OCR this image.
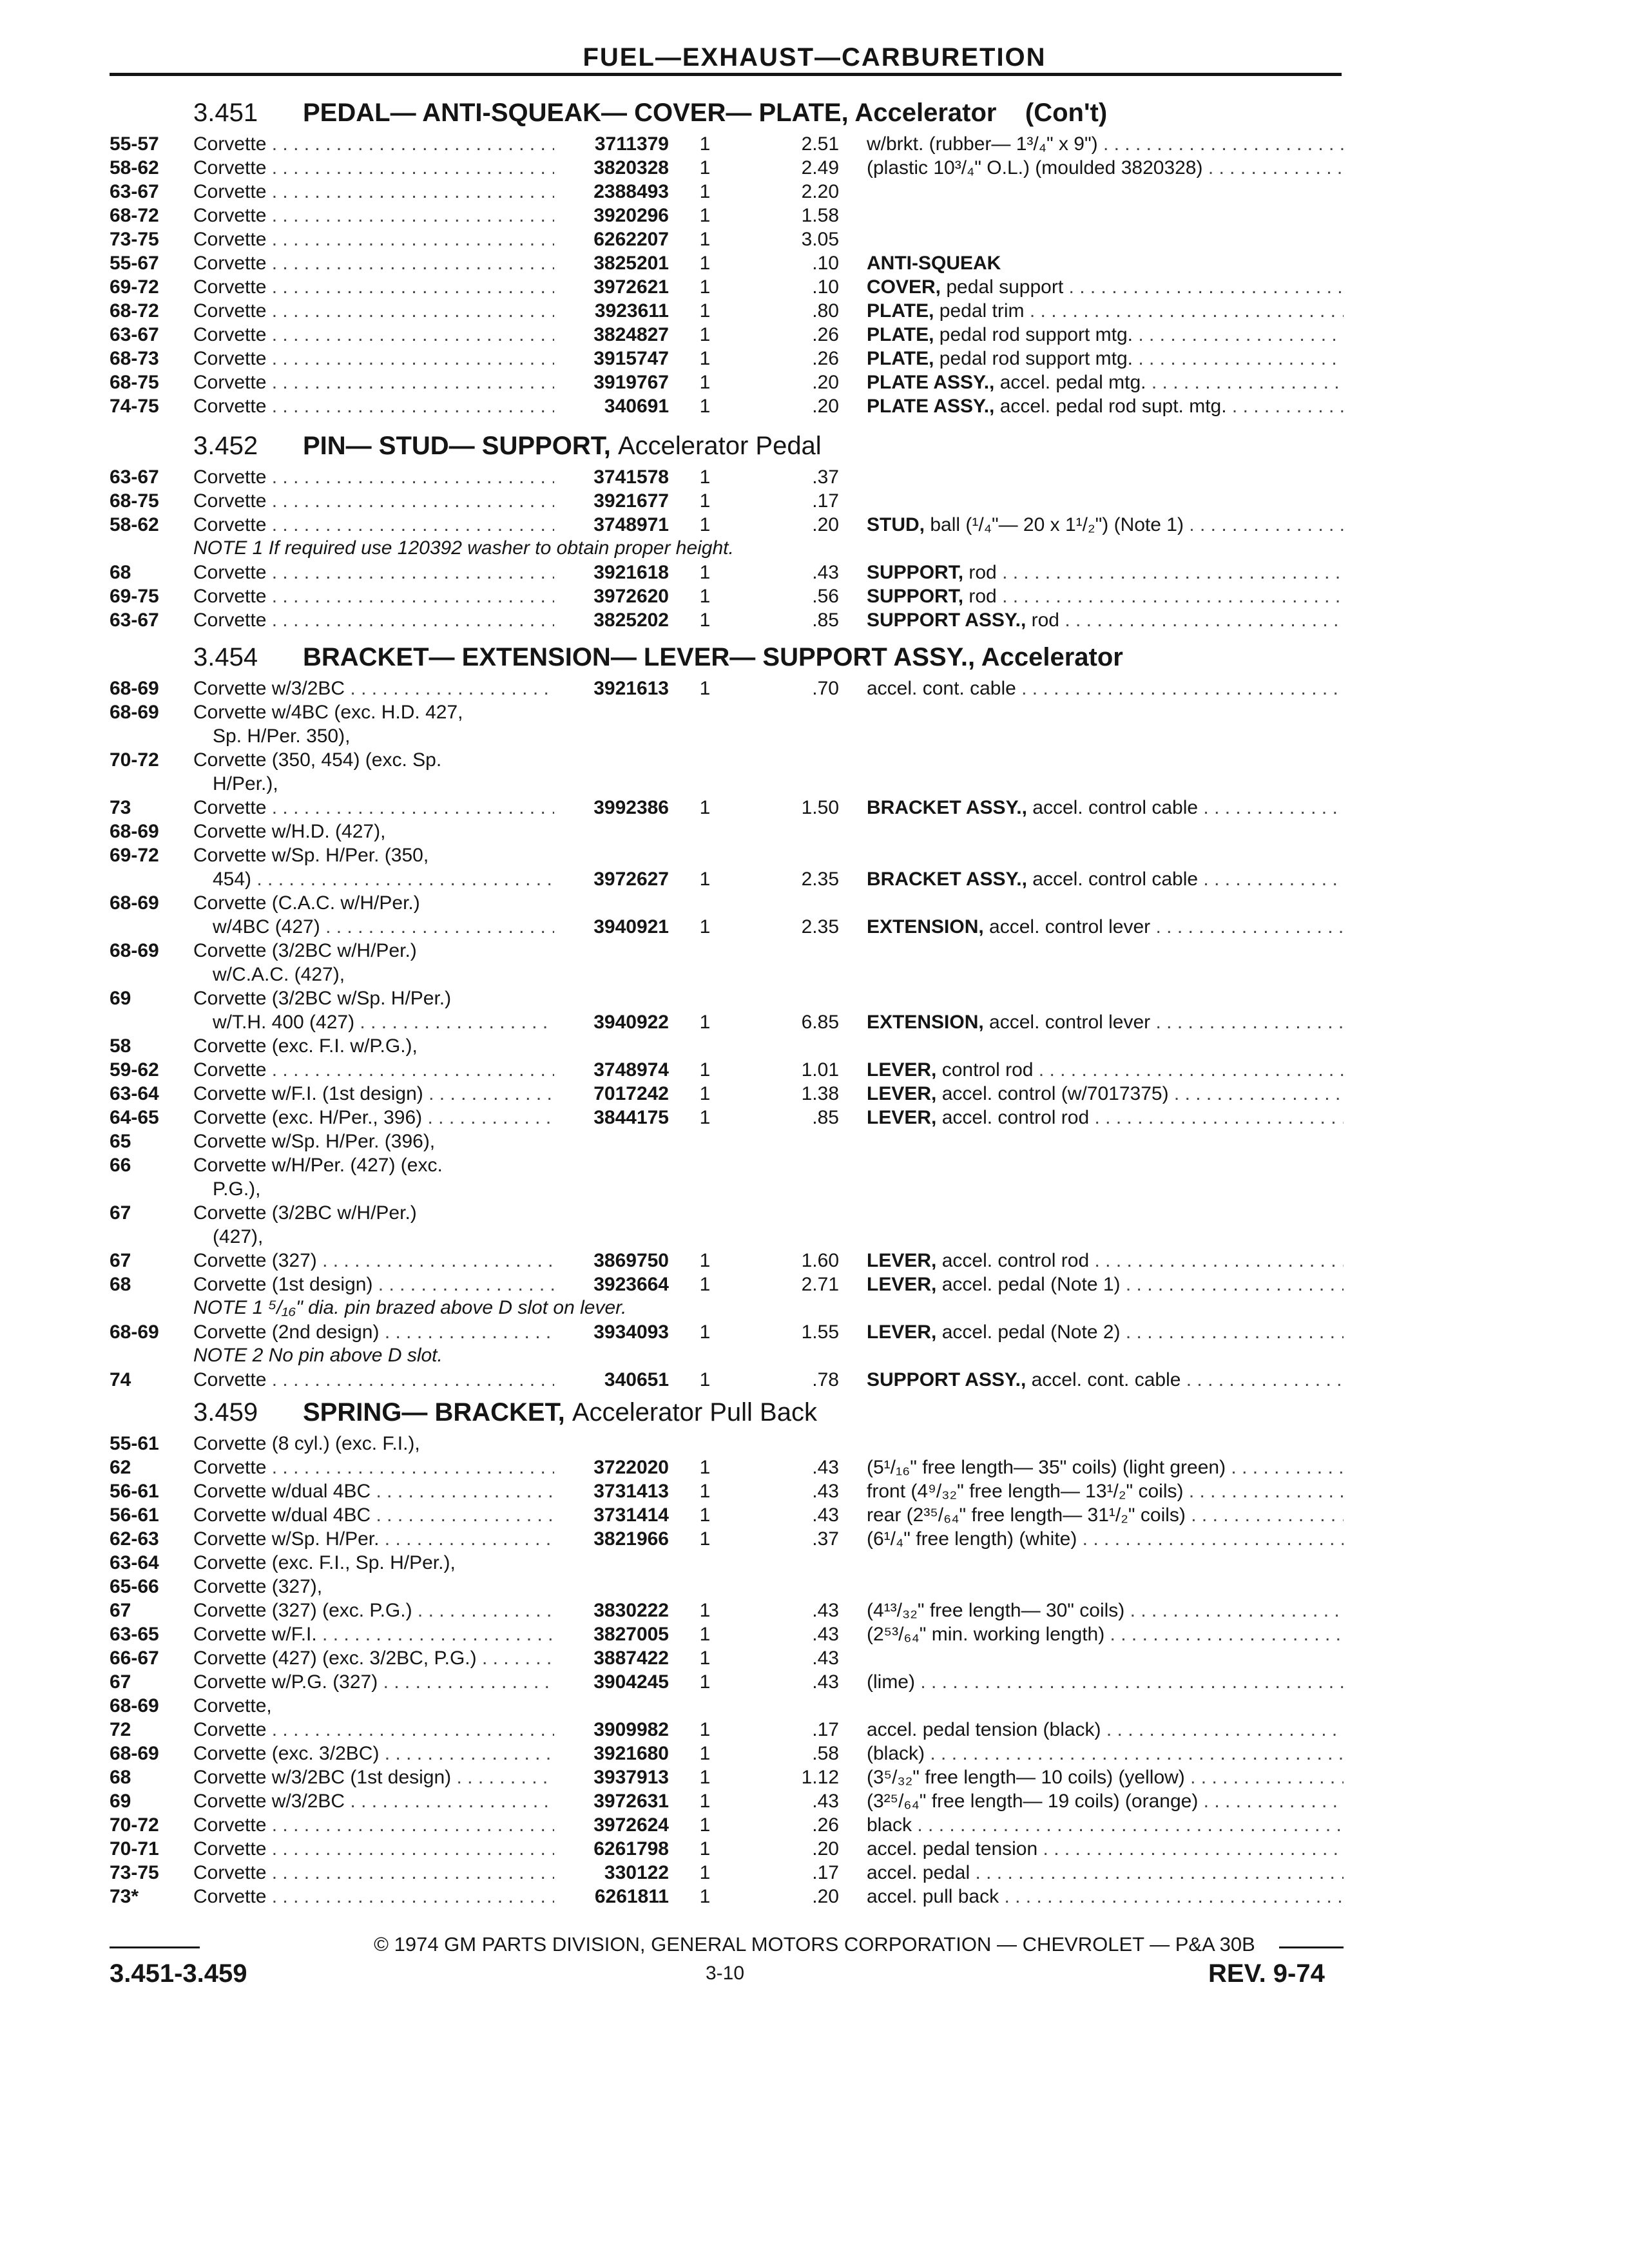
FUEL—EXHAUST—CARBURETION
3.451 PEDAL— ANTI-SQUEAK— COVER— PLATE, Accelerator (Con't)
55-57	Corvette . . .	3711379 1	2.51 w/brkt. (rubber— 1³/₄" x 9") . . .
58-62	Corvette . . .	3820328 1	2.49 (plastic 10³/₄" O.L.) (moulded 3820328) . . .
63-67	Corvette . . .	2388493 1	2.20
68-72	Corvette . . .	3920296 1	1.58
73-75	Corvette . . .	6262207 1	3.05
55-67	Corvette . . .	3825201 1	.10 ANTI-SQUEAK
69-72	Corvette . . .	3972621 1	.10 COVER, pedal support . . .
68-72	Corvette . . .	3923611 1	.80 PLATE, pedal trim . . .
63-67	Corvette . . .	3824827 1	.26 PLATE, pedal rod support mtg. . . .
68-73	Corvette . . .	3915747 1	.26 PLATE, pedal rod support mtg. . . .
68-75	Corvette . . .	3919767 1	.20 PLATE ASSY., accel. pedal mtg. . . .
74-75	Corvette . . .	340691 1	.20 PLATE ASSY., accel. pedal rod supt. mtg. . . .
3.452 PIN— STUD— SUPPORT, Accelerator Pedal
63-67	Corvette . . .	3741578 1	.37
68-75	Corvette . . .	3921677 1	.17
58-62	Corvette . . .	3748971 1	.20 STUD, ball (¹/₄"— 20 x 1¹/₂") (Note 1) . . .
NOTE 1 If required use 120392 washer to obtain proper height.
68	Corvette . . .	3921618 1	.43 SUPPORT, rod . . .
69-75	Corvette . . .	3972620 1	.56 SUPPORT, rod . . .
63-67	Corvette . . .	3825202 1	.85 SUPPORT ASSY., rod . . .
3.454 BRACKET— EXTENSION— LEVER— SUPPORT ASSY., Accelerator
68-69	Corvette w/3/2BC . . .	3921613 1	.70 accel. cont. cable . . .
68-69	Corvette w/4BC (exc. H.D. 427,
Sp. H/Per. 350),
70-72	Corvette (350, 454) (exc. Sp.
H/Per.),
73	Corvette . . .	3992386 1	1.50 BRACKET ASSY., accel. control cable . . .
68-69	Corvette w/H.D. (427),
69-72	Corvette w/Sp. H/Per. (350,
454) . . .	3972627 1	2.35 BRACKET ASSY., accel. control cable . . .
68-69	Corvette (C.A.C. w/H/Per.)
w/4BC (427) . . .	3940921 1	2.35 EXTENSION, accel. control lever . . .
68-69	Corvette (3/2BC w/H/Per.)
w/C.A.C. (427),
69	Corvette (3/2BC w/Sp. H/Per.)
w/T.H. 400 (427) . . .	3940922 1	6.85 EXTENSION, accel. control lever . . .
58	Corvette (exc. F.I. w/P.G.),
59-62	Corvette . . .	3748974 1	1.01 LEVER, control rod . . .
63-64	Corvette w/F.I. (1st design) . . .	7017242 1	1.38 LEVER, accel. control (w/7017375) . . .
64-65	Corvette (exc. H/Per., 396) . . .	3844175 1	.85 LEVER, accel. control rod . . .
65	Corvette w/Sp. H/Per. (396),
66	Corvette w/H/Per. (427) (exc.
P.G.),
67	Corvette (3/2BC w/H/Per.)
(427),
67	Corvette (327) . . .	3869750 1	1.60 LEVER, accel. control rod . . .
68	Corvette (1st design) . . .	3923664 1	2.71 LEVER, accel. pedal (Note 1) . . .
NOTE 1 ⁵/₁₆" dia. pin brazed above D slot on lever.
68-69	Corvette (2nd design) . . .	3934093 1	1.55 LEVER, accel. pedal (Note 2) . . .
NOTE 2 No pin above D slot.
74	Corvette . . .	340651 1	.78 SUPPORT ASSY., accel. cont. cable . . .
3.459 SPRING— BRACKET, Accelerator Pull Back
55-61	Corvette (8 cyl.) (exc. F.I.),
62	Corvette . . .	3722020 1	.43 (5¹/₁₆" free length— 35" coils) (light green) . . .
56-61	Corvette w/dual 4BC . . .	3731413 1	.43 front (4⁹/₃₂" free length— 13¹/₂" coils) . . .
56-61	Corvette w/dual 4BC . . .	3731414 1	.43 rear (2³⁵/₆₄" free length— 31¹/₂" coils) . . .
62-63	Corvette w/Sp. H/Per. . . .	3821966 1	.37 (6¹/₄" free length) (white) . . .
63-64	Corvette (exc. F.I., Sp. H/Per.),
65-66	Corvette (327),
67	Corvette (327) (exc. P.G.) . . .	3830222 1	.43 (4¹³/₃₂" free length— 30" coils) . . .
63-65	Corvette w/F.I. . . .	3827005 1	.43 (2⁵³/₆₄" min. working length) . . .
66-67	Corvette (427) (exc. 3/2BC, P.G.) . . .	3887422 1	.43
67	Corvette w/P.G. (327) . . .	3904245 1	.43 (lime) . . .
68-69	Corvette,
72	Corvette . . .	3909982 1	.17 accel. pedal tension (black) . . .
68-69	Corvette (exc. 3/2BC) . . .	3921680 1	.58 (black) . . .
68	Corvette w/3/2BC (1st design) . . .	3937913 1	1.12 (3⁵/₃₂" free length— 10 coils) (yellow) . . .
69	Corvette w/3/2BC . . .	3972631 1	.43 (3²⁵/₆₄" free length— 19 coils) (orange) . . .
70-72	Corvette . . .	3972624 1	.26 black . . .
70-71	Corvette . . .	6261798 1	.20 accel. pedal tension . . .
73-75	Corvette . . .	330122 1	.17 accel. pedal . . .
73*	Corvette . . .	6261811 1	.20 accel. pull back . . .
© 1974 GM PARTS DIVISION, GENERAL MOTORS CORPORATION — CHEVROLET — P&A 30B
3.451-3.459	3-10	REV. 9-74
